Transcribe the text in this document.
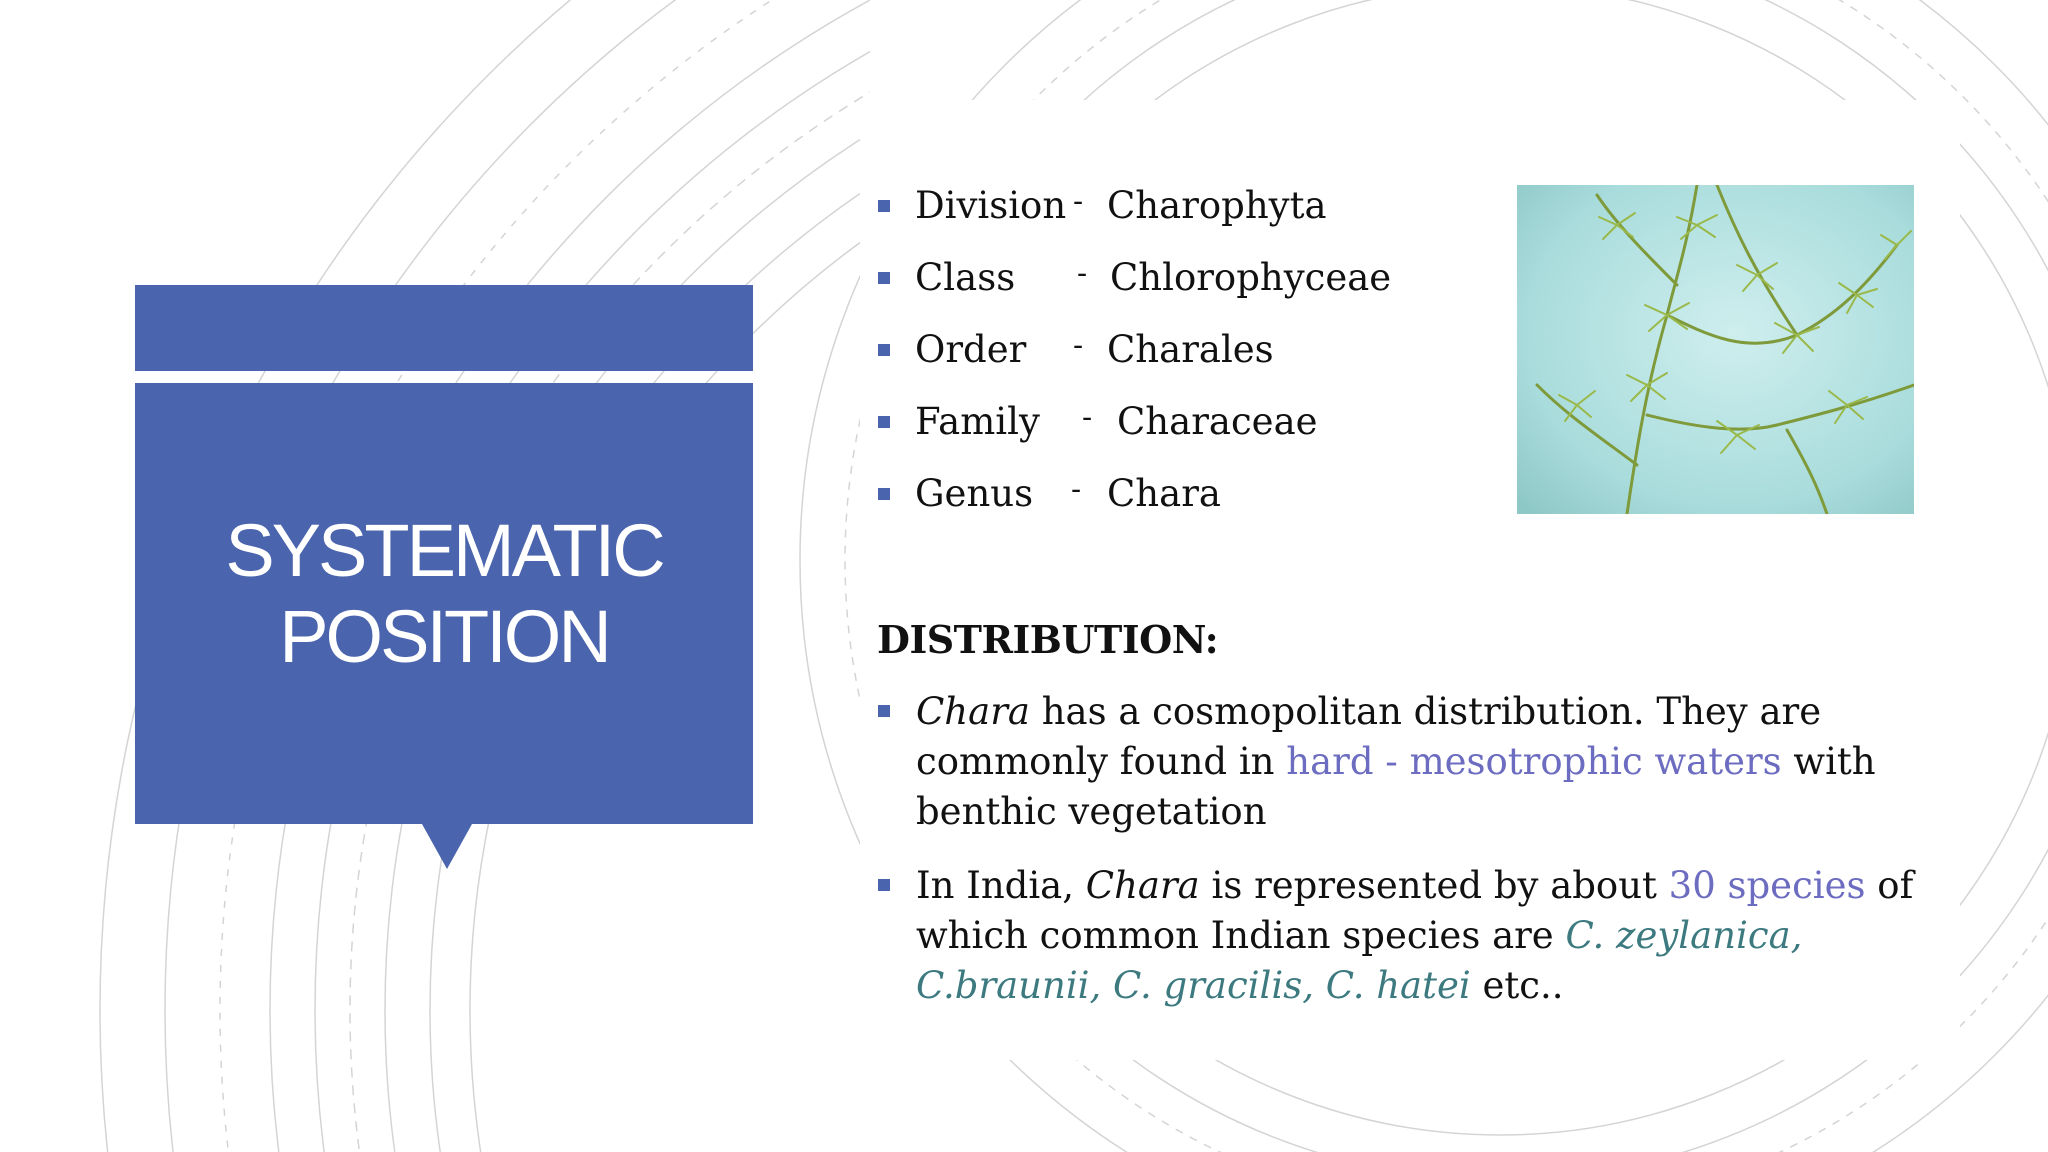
SYSTEMATIC
POSITION
Division - Charophyta
Class - Chlorophyceae
Order - Charales
Family - Characeae
Genus - Chara
DISTRIBUTION:
Chara has a cosmopolitan distribution. They are commonly found in hard - mesotrophic waters with benthic vegetation
In India, Chara is represented by about 30 species of which common Indian species are C. zeylanica, C.braunii, C. gracilis, C. hatei etc..
